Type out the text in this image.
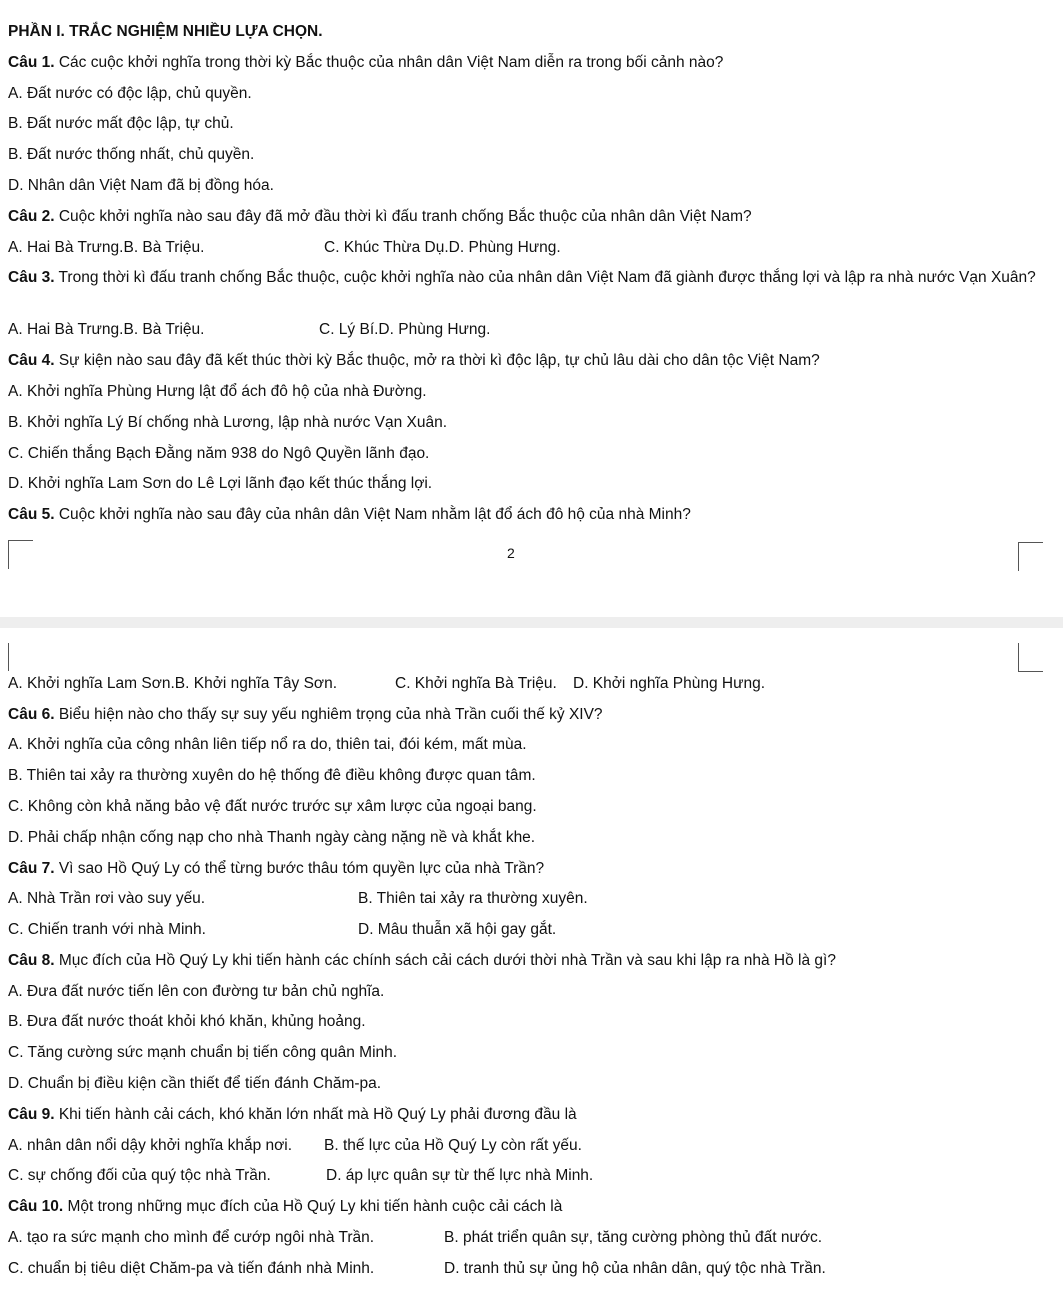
PHẦN I. TRẮC NGHIỆM NHIỀU LỰA CHỌN.
Câu 1. Các cuộc khởi nghĩa trong thời kỳ Bắc thuộc của nhân dân Việt Nam diễn ra trong bối cảnh nào?
A. Đất nước có độc lập, chủ quyền.
B. Đất nước mất độc lập, tự chủ.
B. Đất nước thống nhất, chủ quyền.
D. Nhân dân Việt Nam đã bị đồng hóa.
Câu 2. Cuộc khởi nghĩa nào sau đây đã mở đầu thời kì đấu tranh chống Bắc thuộc của nhân dân Việt Nam?
A. Hai Bà Trưng.B. Bà Triệu.	C. Khúc Thừa Dụ.D. Phùng Hưng.
Câu 3. Trong thời kì đấu tranh chống Bắc thuộc, cuộc khởi nghĩa nào của nhân dân Việt Nam đã giành được thắng lợi và lập ra nhà nước Vạn Xuân?
A. Hai Bà Trưng.B. Bà Triệu.	C. Lý Bí.D. Phùng Hưng.
Câu 4. Sự kiện nào sau đây đã kết thúc thời kỳ Bắc thuộc, mở ra thời kì độc lập, tự chủ lâu dài cho dân tộc Việt Nam?
A. Khởi nghĩa Phùng Hưng lật đổ ách đô hộ của nhà Đường.
B. Khởi nghĩa Lý Bí chống nhà Lương, lập nhà nước Vạn Xuân.
C. Chiến thắng Bạch Đằng năm 938 do Ngô Quyền lãnh đạo.
D. Khởi nghĩa Lam Sơn do Lê Lợi lãnh đạo kết thúc thắng lợi.
Câu 5. Cuộc khởi nghĩa nào sau đây của nhân dân Việt Nam nhằm lật đổ ách đô hộ của nhà Minh?
2
A. Khởi nghĩa Lam Sơn.B. Khởi nghĩa Tây Sơn.	C. Khởi nghĩa Bà Triệu. D. Khởi nghĩa Phùng Hưng.
Câu 6. Biểu hiện nào cho thấy sự suy yếu nghiêm trọng của nhà Trần cuối thế kỷ XIV?
A. Khởi nghĩa của công nhân liên tiếp nổ ra do, thiên tai, đói kém, mất mùa.
B. Thiên tai xảy ra thường xuyên do hệ thống đê điều không được quan tâm.
C. Không còn khả năng bảo vệ đất nước trước sự xâm lược của ngoại bang.
D. Phải chấp nhận cống nạp cho nhà Thanh ngày càng nặng nề và khắt khe.
Câu 7. Vì sao Hồ Quý Ly có thể từng bước thâu tóm quyền lực của nhà Trần?
A. Nhà Trần rơi vào suy yếu.	B. Thiên tai xảy ra thường xuyên.
C. Chiến tranh với nhà Minh.	D. Mâu thuẫn xã hội gay gắt.
Câu 8. Mục đích của Hồ Quý Ly khi tiến hành các chính sách cải cách dưới thời nhà Trần và sau khi lập ra nhà Hồ là gì?
A. Đưa đất nước tiến lên con đường tư bản chủ nghĩa.
B. Đưa đất nước thoát khỏi khó khăn, khủng hoảng.
C. Tăng cường sức mạnh chuẩn bị tiến công quân Minh.
D. Chuẩn bị điều kiện cần thiết để tiến đánh Chăm-pa.
Câu 9. Khi tiến hành cải cách, khó khăn lớn nhất mà Hồ Quý Ly phải đương đầu là
A. nhân dân nổi dậy khởi nghĩa khắp nơi. B. thế lực của Hồ Quý Ly còn rất yếu.
C. sự chống đối của quý tộc nhà Trần.	D. áp lực quân sự từ thế lực nhà Minh.
Câu 10. Một trong những mục đích của Hồ Quý Ly khi tiến hành cuộc cải cách là
A. tạo ra sức mạnh cho mình để cướp ngôi nhà Trần.	B. phát triển quân sự, tăng cường phòng thủ đất nước.
C. chuẩn bị tiêu diệt Chăm-pa và tiến đánh nhà Minh.	D. tranh thủ sự ủng hộ của nhân dân, quý tộc nhà Trần.
